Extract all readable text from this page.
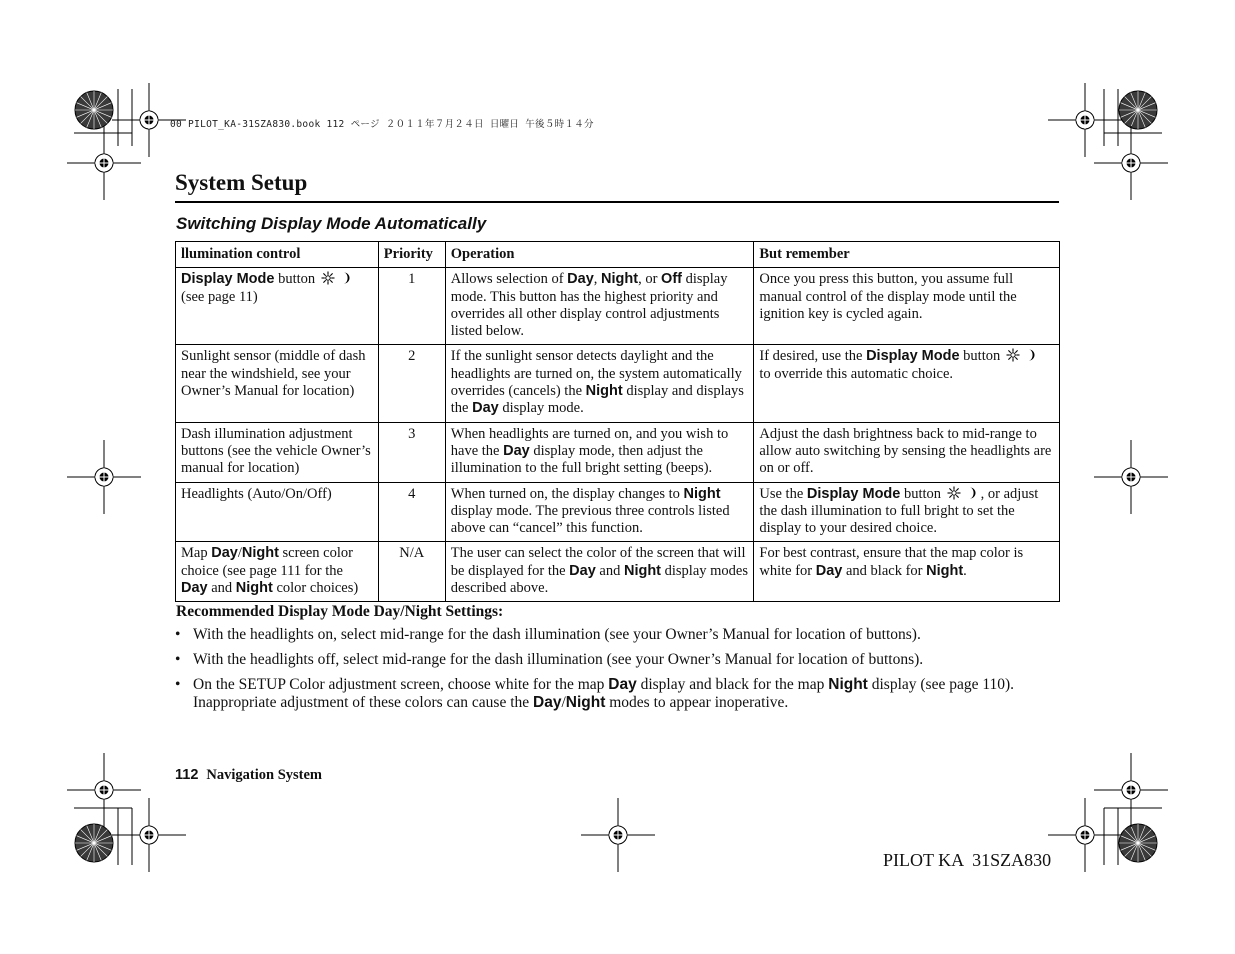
00 PILOT_KA-31SZA830.book 112 ページ ２０１１年７月２４日 日曜日 午後５時１４分
System Setup
Switching Display Mode Automatically
llumination control	Priority	Operation	But remember
Display Mode button  (see page 11)	1	Allows selection of Day, Night, or Off display mode. This button has the highest priority and overrides all other display control adjustments listed below.	Once you press this button, you assume full manual control of the display mode until the ignition key is cycled again.
Sunlight sensor (middle of dash near the windshield, see your Owner’s Manual for location)	2	If the sunlight sensor detects daylight and the headlights are turned on, the system automatically overrides (cancels) the Night display and displays the Day display mode.	If desired, use the Display Mode button  to override this automatic choice.
Dash illumination adjustment buttons (see the vehicle Owner’s manual for location)	3	When headlights are turned on, and you wish to have the Day display mode, then adjust the illumination to the full bright setting (beeps).	Adjust the dash brightness back to mid-range to allow auto switching by sensing the headlights are on or off.
Headlights (Auto/On/Off)	4	When turned on, the display changes to Night display mode. The previous three controls listed above can “cancel” this function.	Use the Display Mode button , or adjust the dash illumination to full bright to set the display to your desired choice.
Map Day/Night screen color choice (see page 111 for the Day and Night color choices)	N/A	The user can select the color of the screen that will be displayed for the Day and Night display modes described above.	For best contrast, ensure that the map color is white for Day and black for Night.
Recommended Display Mode Day/Night Settings:
• With the headlights on, select mid-range for the dash illumination (see your Owner’s Manual for location of buttons).
• With the headlights off, select mid-range for the dash illumination (see your Owner’s Manual for location of buttons).
• On the SETUP Color adjustment screen, choose white for the map Day display and black for the map Night display (see page 110). Inappropriate adjustment of these colors can cause the Day/Night modes to appear inoperative.
112 Navigation System
PILOT KA  31SZA830
